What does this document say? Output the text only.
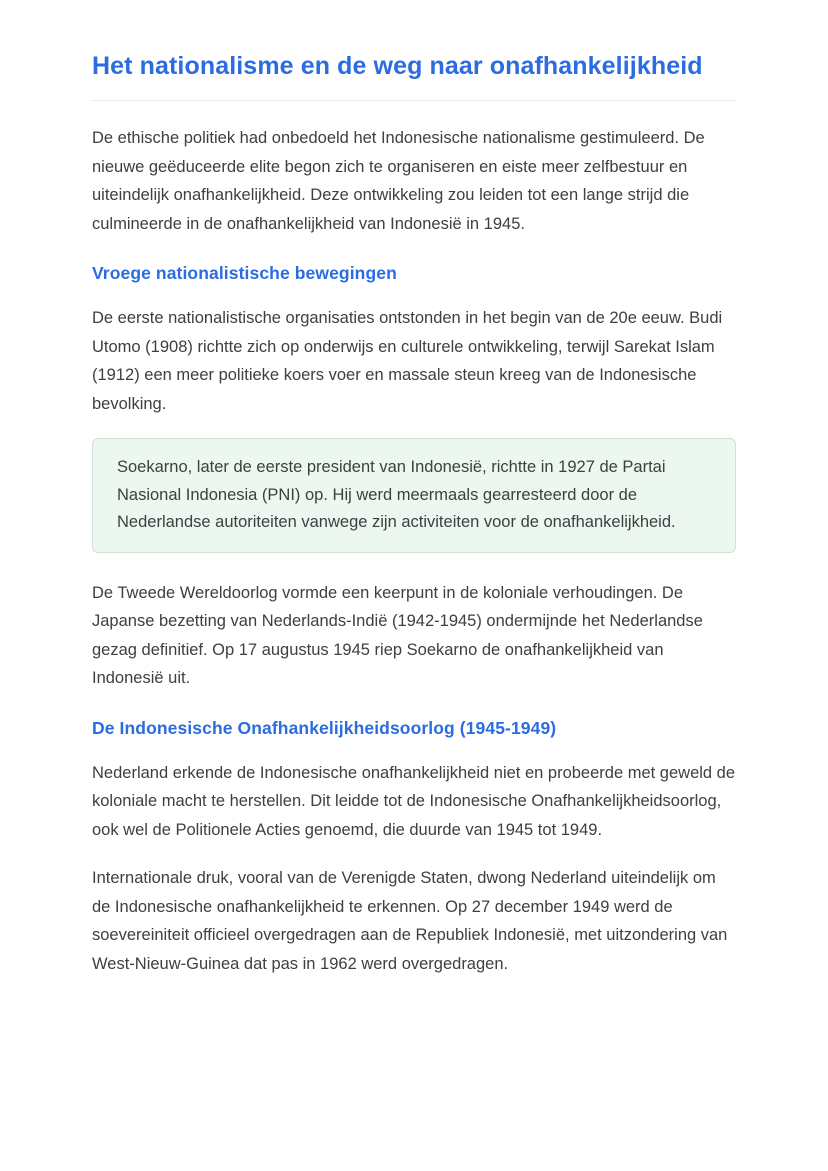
Het nationalisme en de weg naar onafhankelijkheid

De ethische politiek had onbedoeld het Indonesische nationalisme gestimuleerd. De nieuwe geëduceerde elite begon zich te organiseren en eiste meer zelfbestuur en uiteindelijk onafhankelijkheid. Deze ontwikkeling zou leiden tot een lange strijd die culmineerde in de onafhankelijkheid van Indonesië in 1945.

Vroege nationalistische bewegingen

De eerste nationalistische organisaties ontstonden in het begin van de 20e eeuw. Budi Utomo (1908) richtte zich op onderwijs en culturele ontwikkeling, terwijl Sarekat Islam (1912) een meer politieke koers voer en massale steun kreeg van de Indonesische bevolking.

Soekarno, later de eerste president van Indonesië, richtte in 1927 de Partai Nasional Indonesia (PNI) op. Hij werd meermaals gearresteerd door de Nederlandse autoriteiten vanwege zijn activiteiten voor de onafhankelijkheid.

De Tweede Wereldoorlog vormde een keerpunt in de koloniale verhoudingen. De Japanse bezetting van Nederlands-Indië (1942-1945) ondermijnde het Nederlandse gezag definitief. Op 17 augustus 1945 riep Soekarno de onafhankelijkheid van Indonesië uit.

De Indonesische Onafhankelijkheidsoorlog (1945-1949)

Nederland erkende de Indonesische onafhankelijkheid niet en probeerde met geweld de koloniale macht te herstellen. Dit leidde tot de Indonesische Onafhankelijkheidsoorlog, ook wel de Politionele Acties genoemd, die duurde van 1945 tot 1949.

Internationale druk, vooral van de Verenigde Staten, dwong Nederland uiteindelijk om de Indonesische onafhankelijkheid te erkennen. Op 27 december 1949 werd de soevereiniteit officieel overgedragen aan de Republiek Indonesië, met uitzondering van West-Nieuw-Guinea dat pas in 1962 werd overgedragen.
